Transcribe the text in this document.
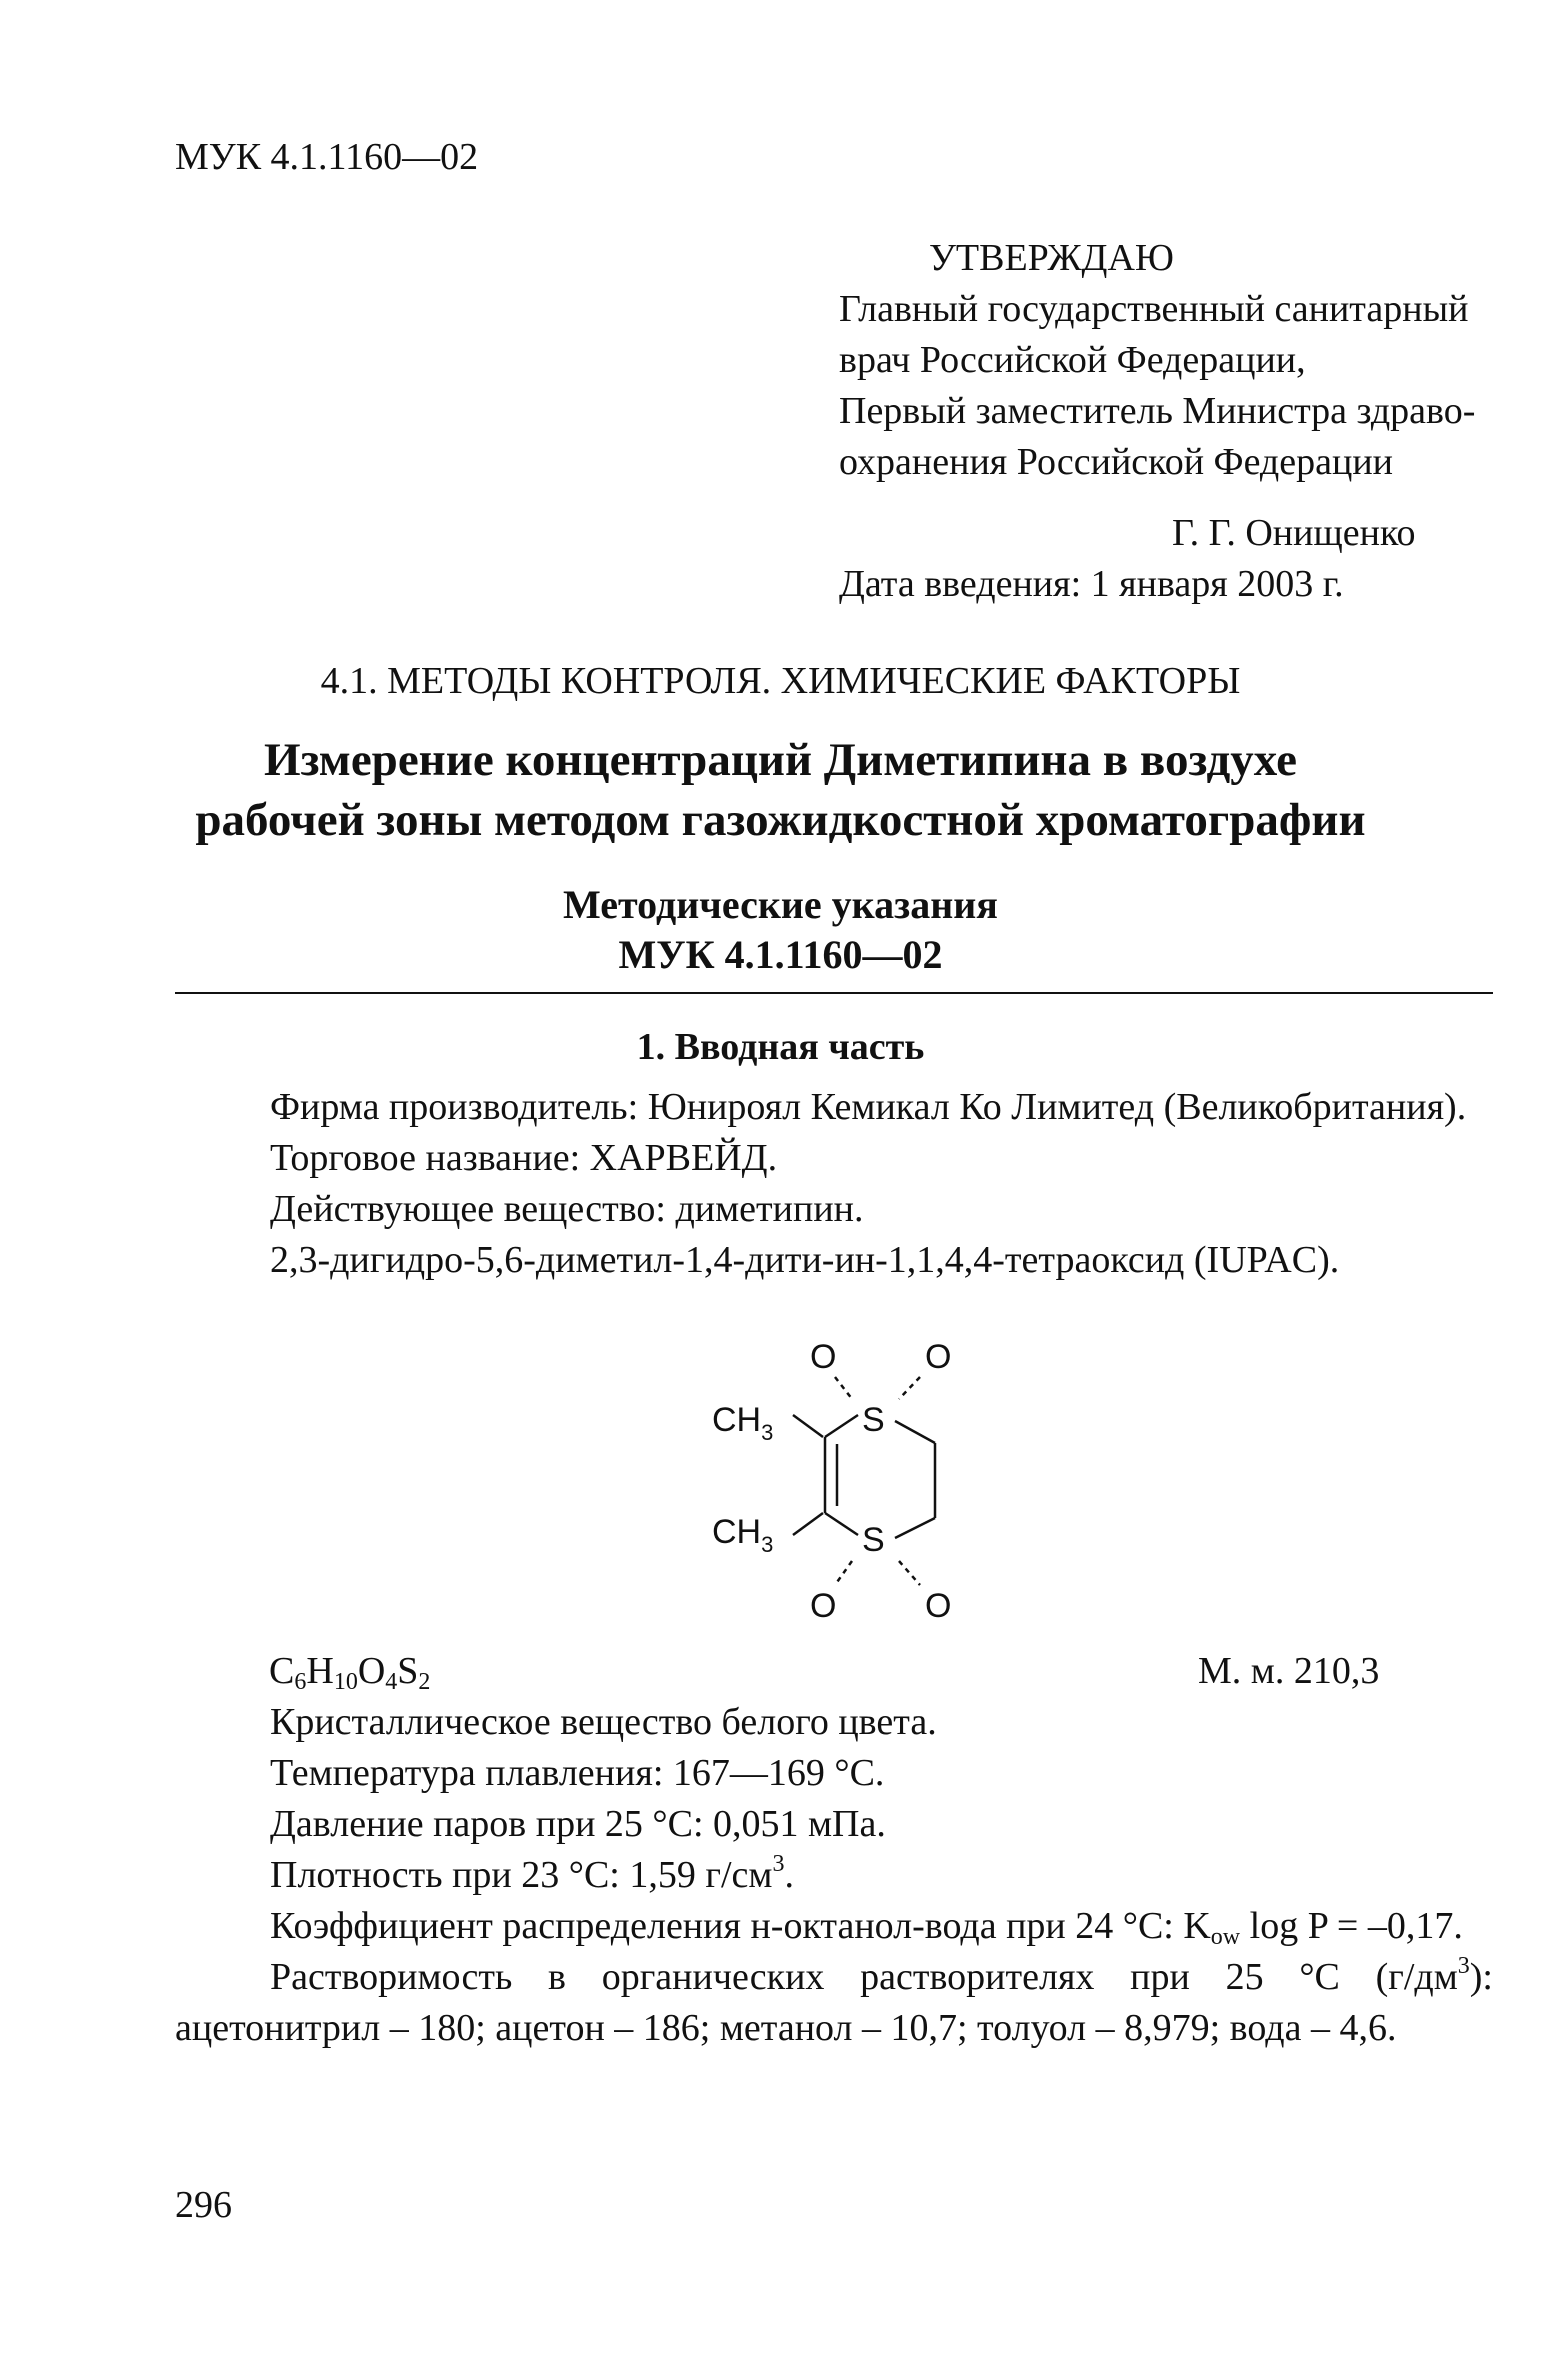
МУК 4.1.1160—02
УТВЕРЖДАЮ
Главный государственный санитарный
врач Российской Федерации,
Первый заместитель Министра здраво-
охранения Российской Федерации
Г. Г. Онищенко
Дата введения: 1 января 2003 г.
4.1. МЕТОДЫ КОНТРОЛЯ. ХИМИЧЕСКИЕ ФАКТОРЫ
Измерение концентраций Диметипина в воздухе
рабочей зоны методом газожидкостной хроматографии
Методические указания
МУК 4.1.1160—02
1. Вводная часть

Фирма производитель: Юнироял Кемикал Ко Лимитед (Великобритания).

Торговое название: ХАРВЕЙД.

Действующее вещество: диметипин.

2,3-дигидро-5,6-диметил-1,4-дити-ин-1,1,4,4-тетраоксид (IUPAC).

O	O
S
$CH_3$
$CH_3$	S
O	O
$C_6H_{10}O_4S_2$	М. м. 210,3

Кристаллическое вещество белого цвета.

Температура плавления: 167—169 °C.

Давление паров при 25 °C: 0,051 мПа.

Плотность при 23 °C: 1,59 $г/см^3$.

Коэффициент распределения н-октанол-вода при 24 °C: $K_{ow}$ log P = –0,17.

Растворимость в органических растворителях при 25 °C $(г/дм^3)$: ацетонитрил – 180; ацетон – 186; метанол – 10,7; толуол – 8,979; вода – 4,6.

296
